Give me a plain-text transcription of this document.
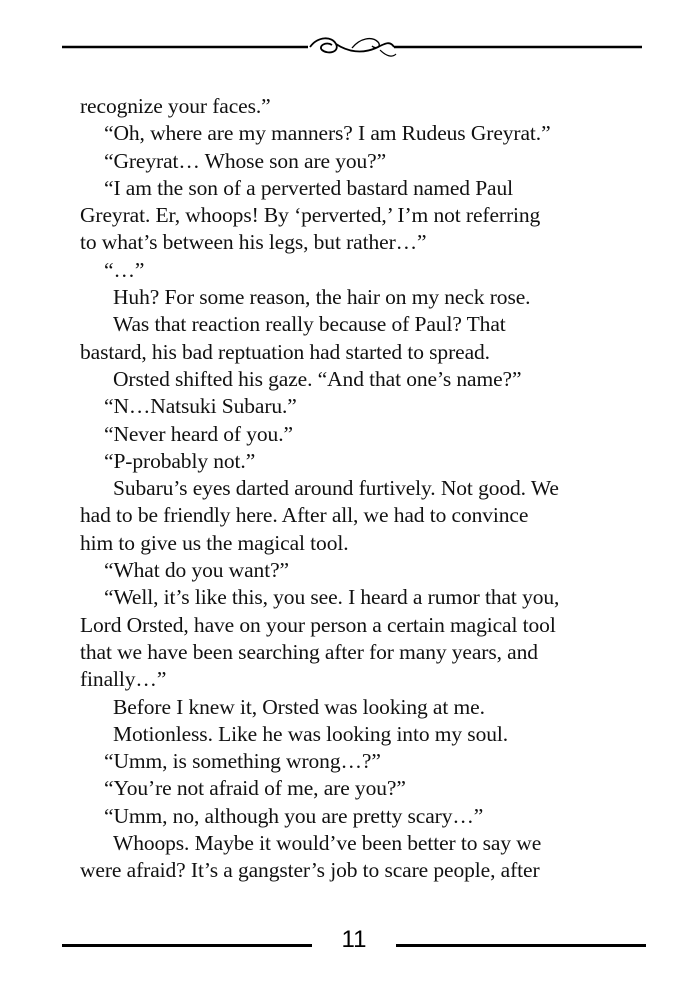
recognize your faces.”

“Oh, where are my manners? I am Rudeus Greyrat.”

“Greyrat… Whose son are you?”

“I am the son of a perverted bastard named Paul

Greyrat. Er, whoops! By ‘perverted,’ I’m not referring

to what’s between his legs, but rather…”

“…”

Huh? For some reason, the hair on my neck rose.

Was that reaction really because of Paul? That

bastard, his bad reptuation had started to spread.

Orsted shifted his gaze. “And that one’s name?”

“N…Natsuki Subaru.”

“Never heard of you.”

“P-probably not.”

Subaru’s eyes darted around furtively. Not good. We

had to be friendly here. After all, we had to convince

him to give us the magical tool.

“What do you want?”

“Well, it’s like this, you see. I heard a rumor that you,

Lord Orsted, have on your person a certain magical tool

that we have been searching after for many years, and

finally…”

Before I knew it, Orsted was looking at me.

Motionless. Like he was looking into my soul.

“Umm, is something wrong…?”

“You’re not afraid of me, are you?”

“Umm, no, although you are pretty scary…”

Whoops. Maybe it would’ve been better to say we

were afraid? It’s a gangster’s job to scare people, after

11
